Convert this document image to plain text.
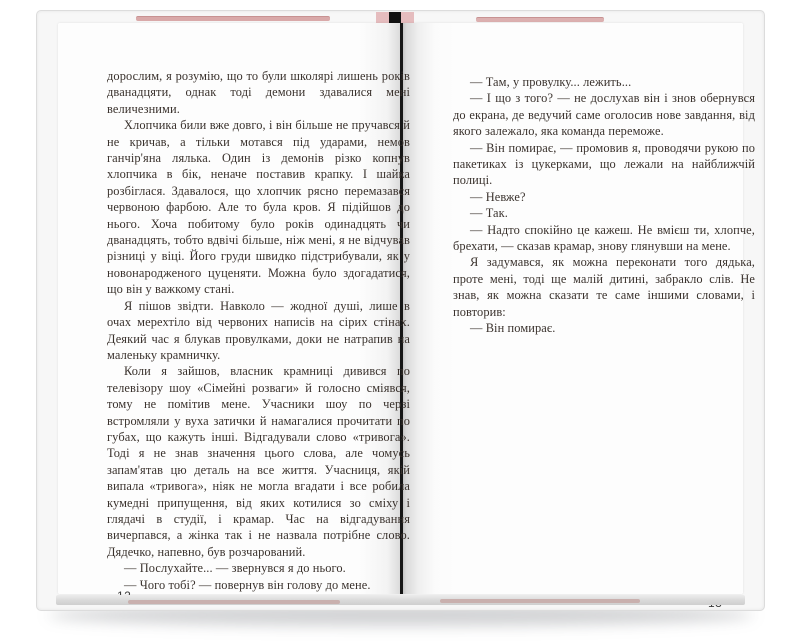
дорослим, я розумію, що то були школярі лишень років дванадцяти, однак тоді демони здавалися мені величезними.

Хлопчика били вже довго, і він більше не пручався й не кричав, а тільки мотався під ударами, немов ганчір'яна лялька. Один із демонів різко копнув хлопчика в бік, неначе поставив крапку. І шайка розбіглася. Здавалося, що хлопчик рясно перемазався червоною фарбою. Але то була кров. Я підійшов до нього. Хоча побитому було років одинадцять чи дванадцять, тобто вдвічі більше, ніж мені, я не відчував різниці у віці. Його груди швидко підстрибували, як у новонародженого цуценяти. Можна було здогадатися, що він у важкому стані.

Я пішов звідти. Навколо — жодної душі, лише в очах мерехтіло від червоних написів на сірих стінах. Деякий час я блукав провулками, доки не натрапив на маленьку крамничку.

Коли я зайшов, власник крамниці дивився по телевізору шоу «Сімейні розваги» й голосно сміявся, тому не помітив мене. Учасники шоу по черзі встромляли у вуха затички й намагалися прочитати по губах, що кажуть інші. Відгадували слово «тривога». Тоді я не знав значення цього слова, але чомусь запам'ятав цю деталь на все життя. Учасниця, якій випала «тривога», ніяк не могла вгадати і все робила кумедні припущення, від яких котилися зо сміху і глядачі в студії, і крамар. Час на відгадування вичерпався, а жінка так і не назвала потрібне слово. Дядечко, напевно, був розчарований.

— Послухайте... — звернувся я до нього.

— Чого тобі? — повернув він голову до мене.

— Там, у провулку... лежить...

— І що з того? — не дослухав він і знов обернувся до екрана, де ведучий саме оголосив нове завдання, від якого залежало, яка команда переможе.

— Він помирає, — промовив я, проводячи рукою по пакетиках із цукерками, що лежали на найближчій полиці.

— Невже?

— Так.

— Надто спокійно це кажеш. Не вмієш ти, хлопче, брехати, — сказав крамар, знову глянувши на мене.

Я задумався, як можна переконати того дядька, проте мені, тоді ще малій дитині, забракло слів. Не знав, як можна сказати те саме іншими словами, і повторив:

— Він помирає.
